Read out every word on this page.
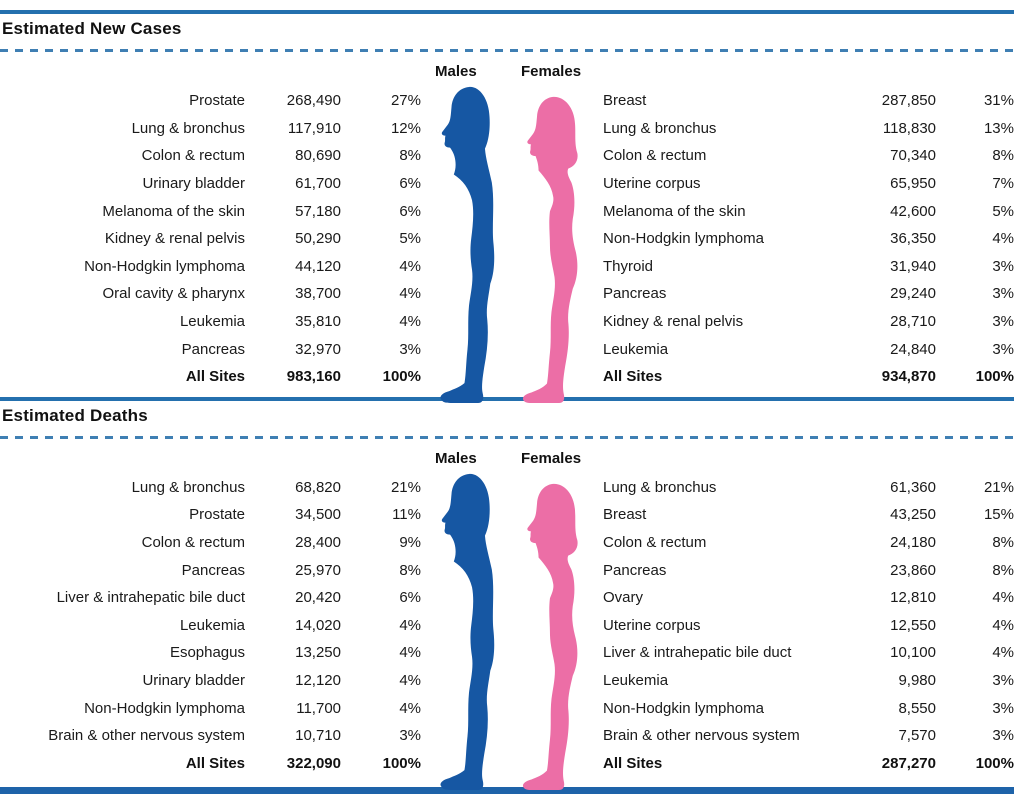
Estimated New Cases
Prostate	268,490	27%
Lung & bronchus	117,910	12%
Colon & rectum	80,690	8%
Urinary bladder	61,700	6%
Melanoma of the skin	57,180	6%
Kidney & renal pelvis	50,290	5%
Non-Hodgkin lymphoma	44,120	4%
Oral cavity & pharynx	38,700	4%
Leukemia	35,810	4%
Pancreas	32,970	3%
All Sites	983,160	100%
Males	Females
Breast	287,850	31%
Lung & bronchus	118,830	13%
Colon & rectum	70,340	8%
Uterine corpus	65,950	7%
Melanoma of the skin	42,600	5%
Non-Hodgkin lymphoma	36,350	4%
Thyroid	31,940	3%
Pancreas	29,240	3%
Kidney & renal pelvis	28,710	3%
Leukemia	24,840	3%
All Sites	934,870	100%
Estimated Deaths
Lung & bronchus	68,820	21%
Prostate	34,500	11%
Colon & rectum	28,400	9%
Pancreas	25,970	8%
Liver & intrahepatic bile duct	20,420	6%
Leukemia	14,020	4%
Esophagus	13,250	4%
Urinary bladder	12,120	4%
Non-Hodgkin lymphoma	11,700	4%
Brain & other nervous system	10,710	3%
All Sites	322,090	100%
Males	Females
Lung & bronchus	61,360	21%
Breast	43,250	15%
Colon & rectum	24,180	8%
Pancreas	23,860	8%
Ovary	12,810	4%
Uterine corpus	12,550	4%
Liver & intrahepatic bile duct	10,100	4%
Leukemia	9,980	3%
Non-Hodgkin lymphoma	8,550	3%
Brain & other nervous system	7,570	3%
All Sites	287,270	100%
